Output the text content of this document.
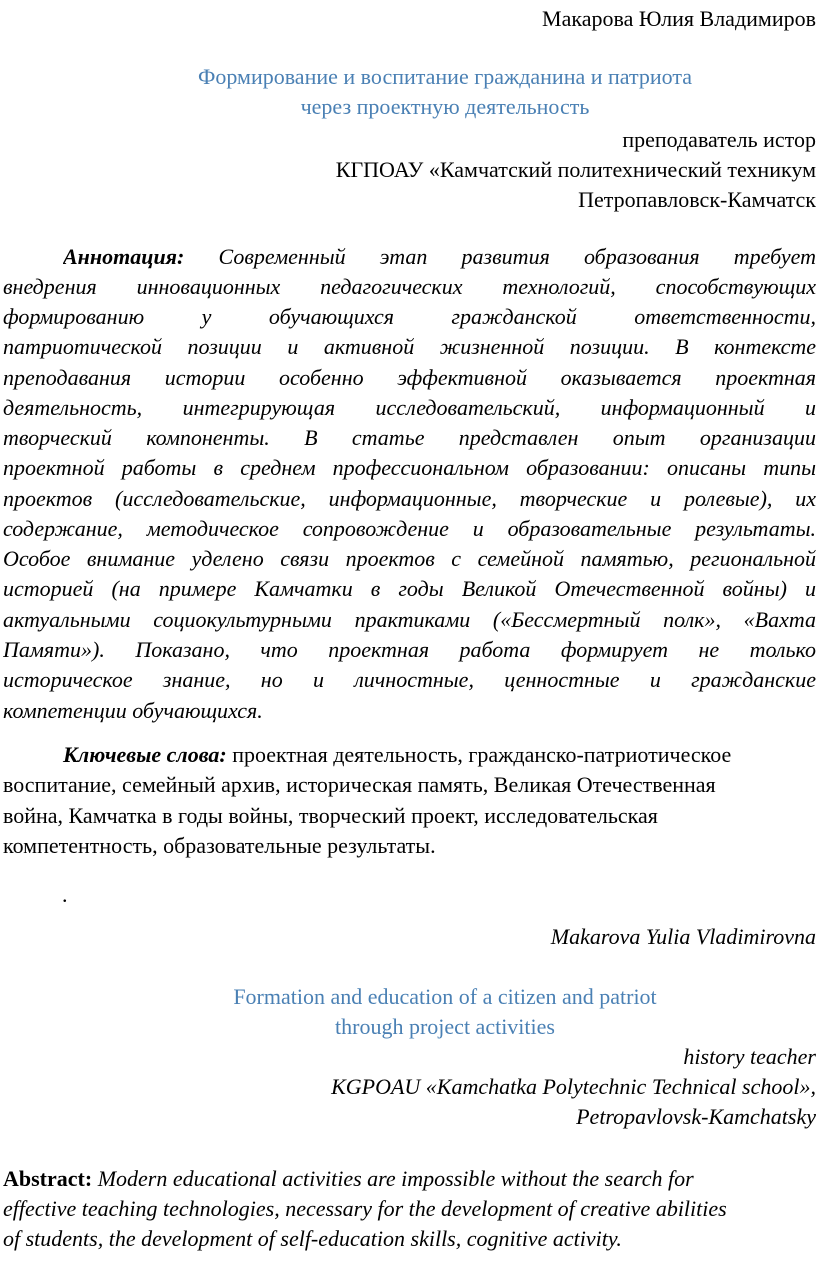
Макарова Юлия Владимиров
Формирование и воспитание гражданина и патриота
через проектную деятельность
преподаватель истор
КГПОАУ «Камчатский политехнический техникум
Петропавловск-Камчатск
Аннотация: Современный этап развития образования требует
внедрения инновационных педагогических технологий, способствующих
формированию у обучающихся гражданской ответственности,
патриотической позиции и активной жизненной позиции. В контексте
преподавания истории особенно эффективной оказывается проектная
деятельность, интегрирующая исследовательский, информационный и
творческий компоненты. В статье представлен опыт организации
проектной работы в среднем профессиональном образовании: описаны типы
проектов (исследовательские, информационные, творческие и ролевые), их
содержание, методическое сопровождение и образовательные результаты.
Особое внимание уделено связи проектов с семейной памятью, региональной
историей (на примере Камчатки в годы Великой Отечественной войны) и
актуальными социокультурными практиками («Бессмертный полк», «Вахта
Памяти»). Показано, что проектная работа формирует не только
историческое знание, но и личностные, ценностные и гражданские
компетенции обучающихся.
Ключевые слова: проектная деятельность, гражданско-патриотическое
воспитание, семейный архив, историческая память, Великая Отечественная
война, Камчатка в годы войны, творческий проект, исследовательская
компетентность, образовательные результаты.
.
Makarova Yulia Vladimirovna
Formation and education of a citizen and patriot
through project activities
history teacher
KGPOAU «Kamchatka Polytechnic Technical school»,
Petropavlovsk-Kamchatsky
Abstract: Modern educational activities are impossible without the search for
effective teaching technologies, necessary for the development of creative abilities
of students, the development of self-education skills, cognitive activity.
